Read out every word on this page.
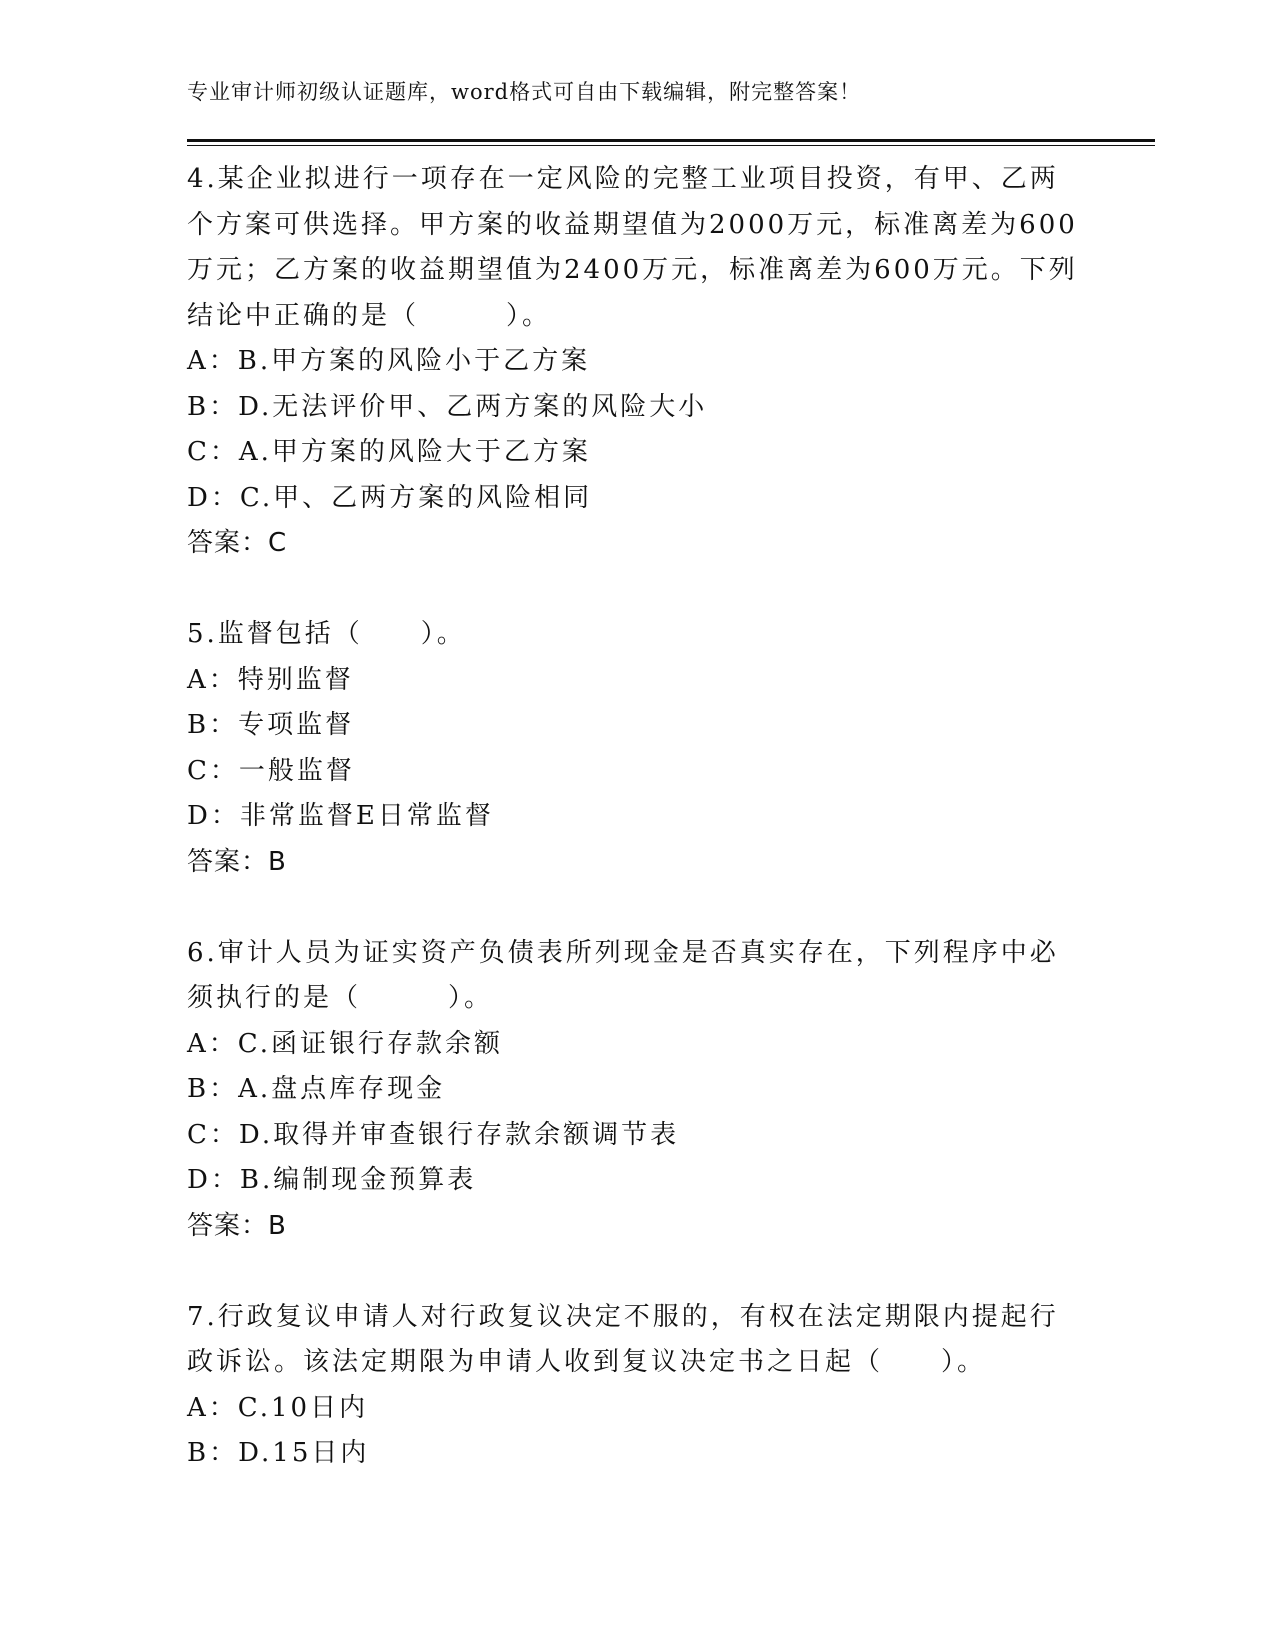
专业审计师初级认证题库，word格式可自由下载编辑，附完整答案！
4.某企业拟进行一项存在一定风险的完整工业项目投资，有甲、乙两
个方案可供选择。甲方案的收益期望值为2000万元，标准离差为600
万元；乙方案的收益期望值为2400万元，标准离差为600万元。下列
结论中正确的是（　　　）。
A：B.甲方案的风险小于乙方案
B：D.无法评价甲、乙两方案的风险大小
C：A.甲方案的风险大于乙方案
D：C.甲、乙两方案的风险相同
答案：C
5.监督包括（　　）。
A：特别监督
B：专项监督
C：一般监督
D：非常监督E日常监督
答案：B
6.审计人员为证实资产负债表所列现金是否真实存在，下列程序中必
须执行的是（　　　）。
A：C.函证银行存款余额
B：A.盘点库存现金
C：D.取得并审查银行存款余额调节表
D：B.编制现金预算表
答案：B
7.行政复议申请人对行政复议决定不服的，有权在法定期限内提起行
政诉讼。该法定期限为申请人收到复议决定书之日起（　　）。
A：C.10日内
B：D.15日内
